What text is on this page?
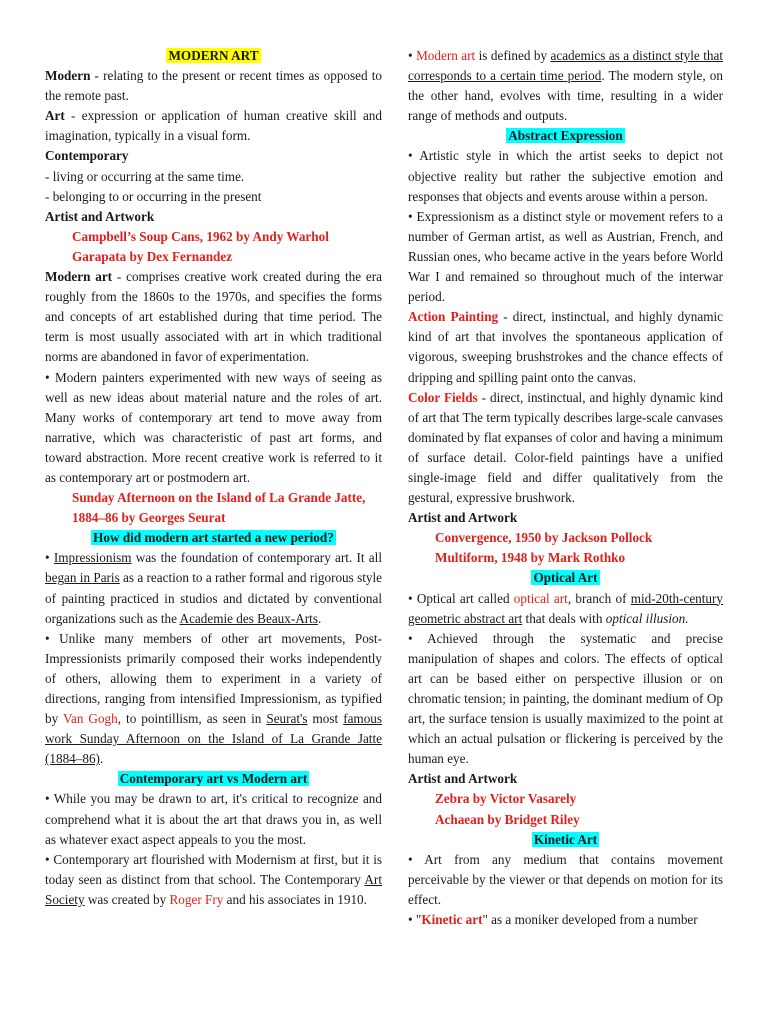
MODERN ART

Modern - relating to the present or recent times as opposed to the remote past.

Art - expression or application of human creative skill and imagination, typically in a visual form.

Contemporary

- living or occurring at the same time.

- belonging to or occurring in the present

Artist and Artwork

Campbell’s Soup Cans, 1962 by Andy Warhol

Garapata by Dex Fernandez

Modern art - comprises creative work created during the era roughly from the 1860s to the 1970s, and specifies the forms and concepts of art established during that time period. The term is most usually associated with art in which traditional norms are abandoned in favor of experimentation.

• Modern painters experimented with new ways of seeing as well as new ideas about material nature and the roles of art. Many works of contemporary art tend to move away from narrative, which was characteristic of past art forms, and toward abstraction. More recent creative work is referred to it as contemporary art or postmodern art.

Sunday Afternoon on the Island of La Grande Jatte, 1884–86 by Georges Seurat

How did modern art started a new period?

• Impressionism was the foundation of contemporary art. It all began in Paris as a reaction to a rather formal and rigorous style of painting practiced in studios and dictated by conventional organizations such as the Academie des Beaux-Arts.

• Unlike many members of other art movements, Post-Impressionists primarily composed their works independently of others, allowing them to experiment in a variety of directions, ranging from intensified Impressionism, as typified by Van Gogh, to pointillism, as seen in Seurat's most famous work Sunday Afternoon on the Island of La Grande Jatte (1884–86).

Contemporary art vs Modern art

• While you may be drawn to art, it's critical to recognize and comprehend what it is about the art that draws you in, as well as whatever exact aspect appeals to you the most.

• Contemporary art flourished with Modernism at first, but it is today seen as distinct from that school. The Contemporary Art Society was created by Roger Fry and his associates in 1910.

• Modern art is defined by academics as a distinct style that corresponds to a certain time period. The modern style, on the other hand, evolves with time, resulting in a wider range of methods and outputs.

Abstract Expression

• Artistic style in which the artist seeks to depict not objective reality but rather the subjective emotion and responses that objects and events arouse within a person.

• Expressionism as a distinct style or movement refers to a number of German artist, as well as Austrian, French, and Russian ones, who became active in the years before World War I and remained so throughout much of the interwar period.

Action Painting - direct, instinctual, and highly dynamic kind of art that involves the spontaneous application of vigorous, sweeping brushstrokes and the chance effects of dripping and spilling paint onto the canvas.

Color Fields - direct, instinctual, and highly dynamic kind of art that The term typically describes large-scale canvases dominated by flat expanses of color and having a minimum of surface detail. Color-field paintings have a unified single-image field and differ qualitatively from the gestural, expressive brushwork.

Artist and Artwork

Convergence, 1950 by Jackson Pollock

Multiform, 1948 by Mark Rothko

Optical Art

• Optical art called optical art, branch of mid-20th-century geometric abstract art that deals with optical illusion.

• Achieved through the systematic and precise manipulation of shapes and colors. The effects of optical art can be based either on perspective illusion or on chromatic tension; in painting, the dominant medium of Op art, the surface tension is usually maximized to the point at which an actual pulsation or flickering is perceived by the human eye.

Artist and Artwork

Zebra by Victor Vasarely

Achaean by Bridget Riley

Kinetic Art

• Art from any medium that contains movement perceivable by the viewer or that depends on motion for its effect.

• "Kinetic art" as a moniker developed from a number
